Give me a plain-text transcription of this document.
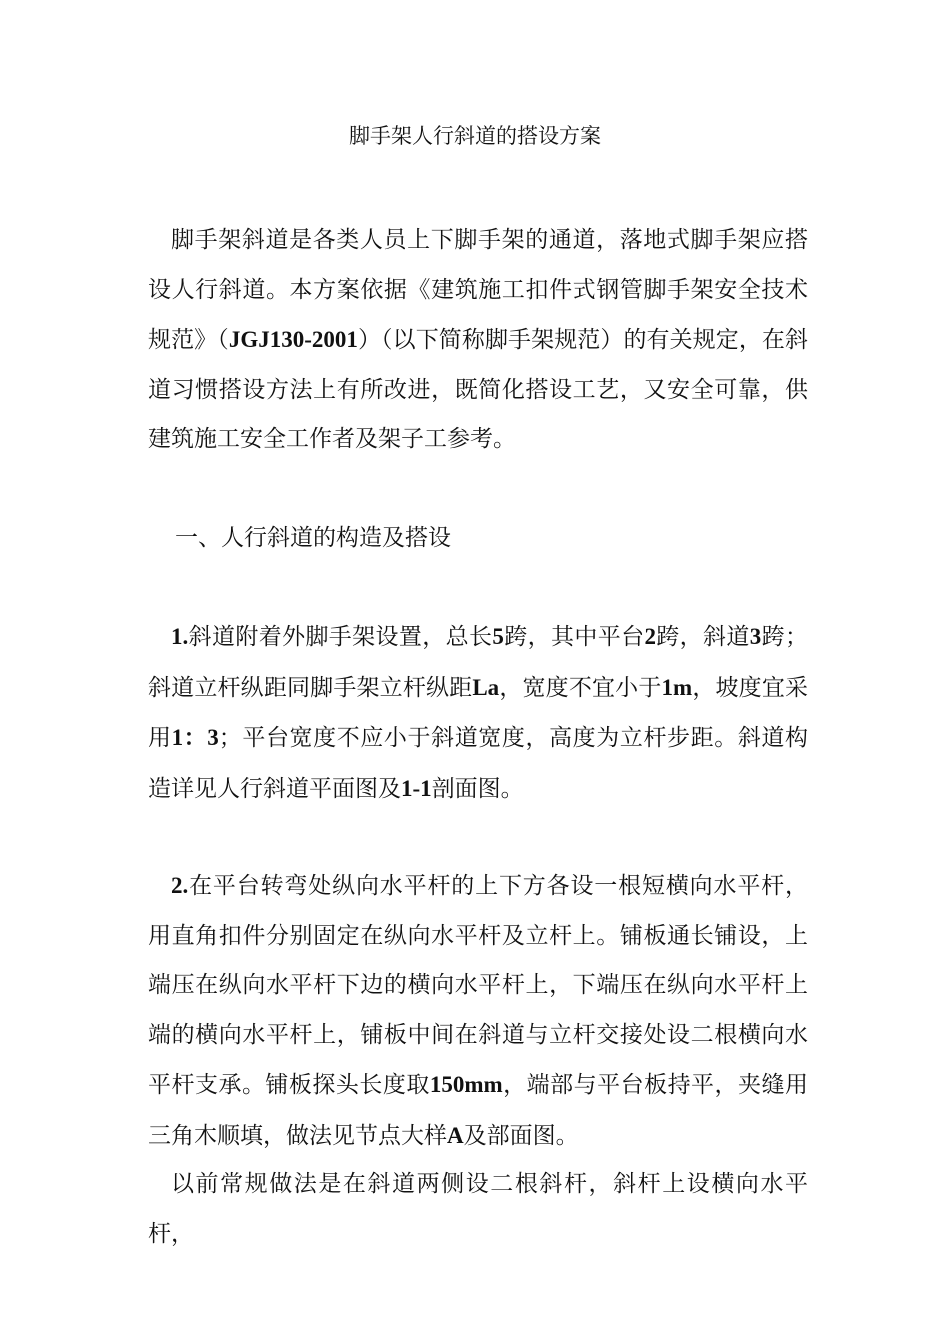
脚手架人行斜道的搭设方案

脚手架斜道是各类人员上下脚手架的通道，落地式脚手架应搭设人行斜道。本方案依据《建筑施工扣件式钢管脚手架安全技术规范》（JGJ130-2001）（以下简称脚手架规范）的有关规定，在斜道习惯搭设方法上有所改进，既简化搭设工艺，又安全可靠，供建筑施工安全工作者及架子工参考。

一、人行斜道的构造及搭设

1.斜道附着外脚手架设置，总长5跨，其中平台2跨，斜道3跨；斜道立杆纵距同脚手架立杆纵距La，宽度不宜小于1m，坡度宜采用1：3；平台宽度不应小于斜道宽度，高度为立杆步距。斜道构造详见人行斜道平面图及1-1剖面图。

2.在平台转弯处纵向水平杆的上下方各设一根短横向水平杆，用直角扣件分别固定在纵向水平杆及立杆上。铺板通长铺设，上端压在纵向水平杆下边的横向水平杆上，下端压在纵向水平杆上端的横向水平杆上，铺板中间在斜道与立杆交接处设二根横向水平杆支承。铺板探头长度取150mm，端部与平台板持平，夹缝用三角木顺填，做法见节点大样A及部面图。

以前常规做法是在斜道两侧设二根斜杆，斜杆上设横向水平杆，
